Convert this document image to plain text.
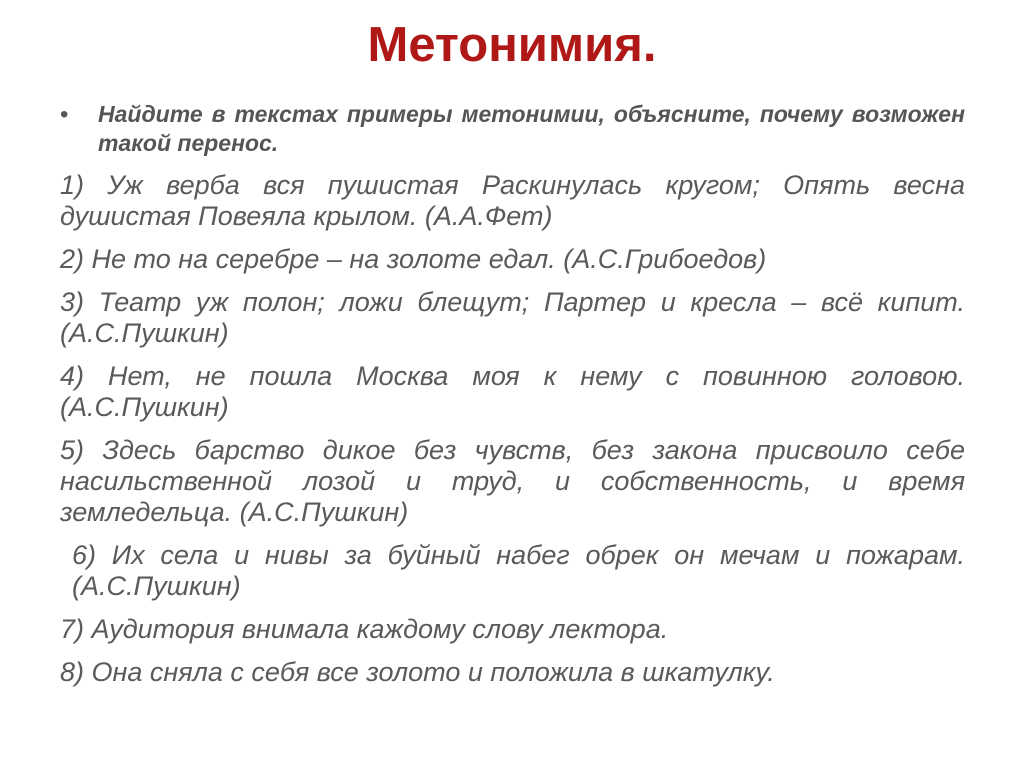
Метонимия.
• Найдите в текстах примеры метонимии, объясните, почему возможен такой перенос.

1) Уж верба вся пушистая Раскинулась кругом; Опять весна душистая Повеяла крылом. (А.А.Фет)

2) Не то на серебре – на золоте едал. (А.С.Грибоедов)

3) Театр уж полон; ложи блещут; Партер и кресла – всё кипит. (А.С.Пушкин)

4) Нет, не пошла Москва моя к нему с повинною головою. (А.С.Пушкин)

5) Здесь барство дикое без чувств, без закона присвоило себе насильственной лозой и труд, и собственность, и время земледельца. (А.С.Пушкин)

6) Их села и нивы за буйный набег обрек он мечам и пожарам. (А.С.Пушкин)

7) Аудитория внимала каждому слову лектора.

8) Она сняла с себя все золото и положила в шкатулку.
